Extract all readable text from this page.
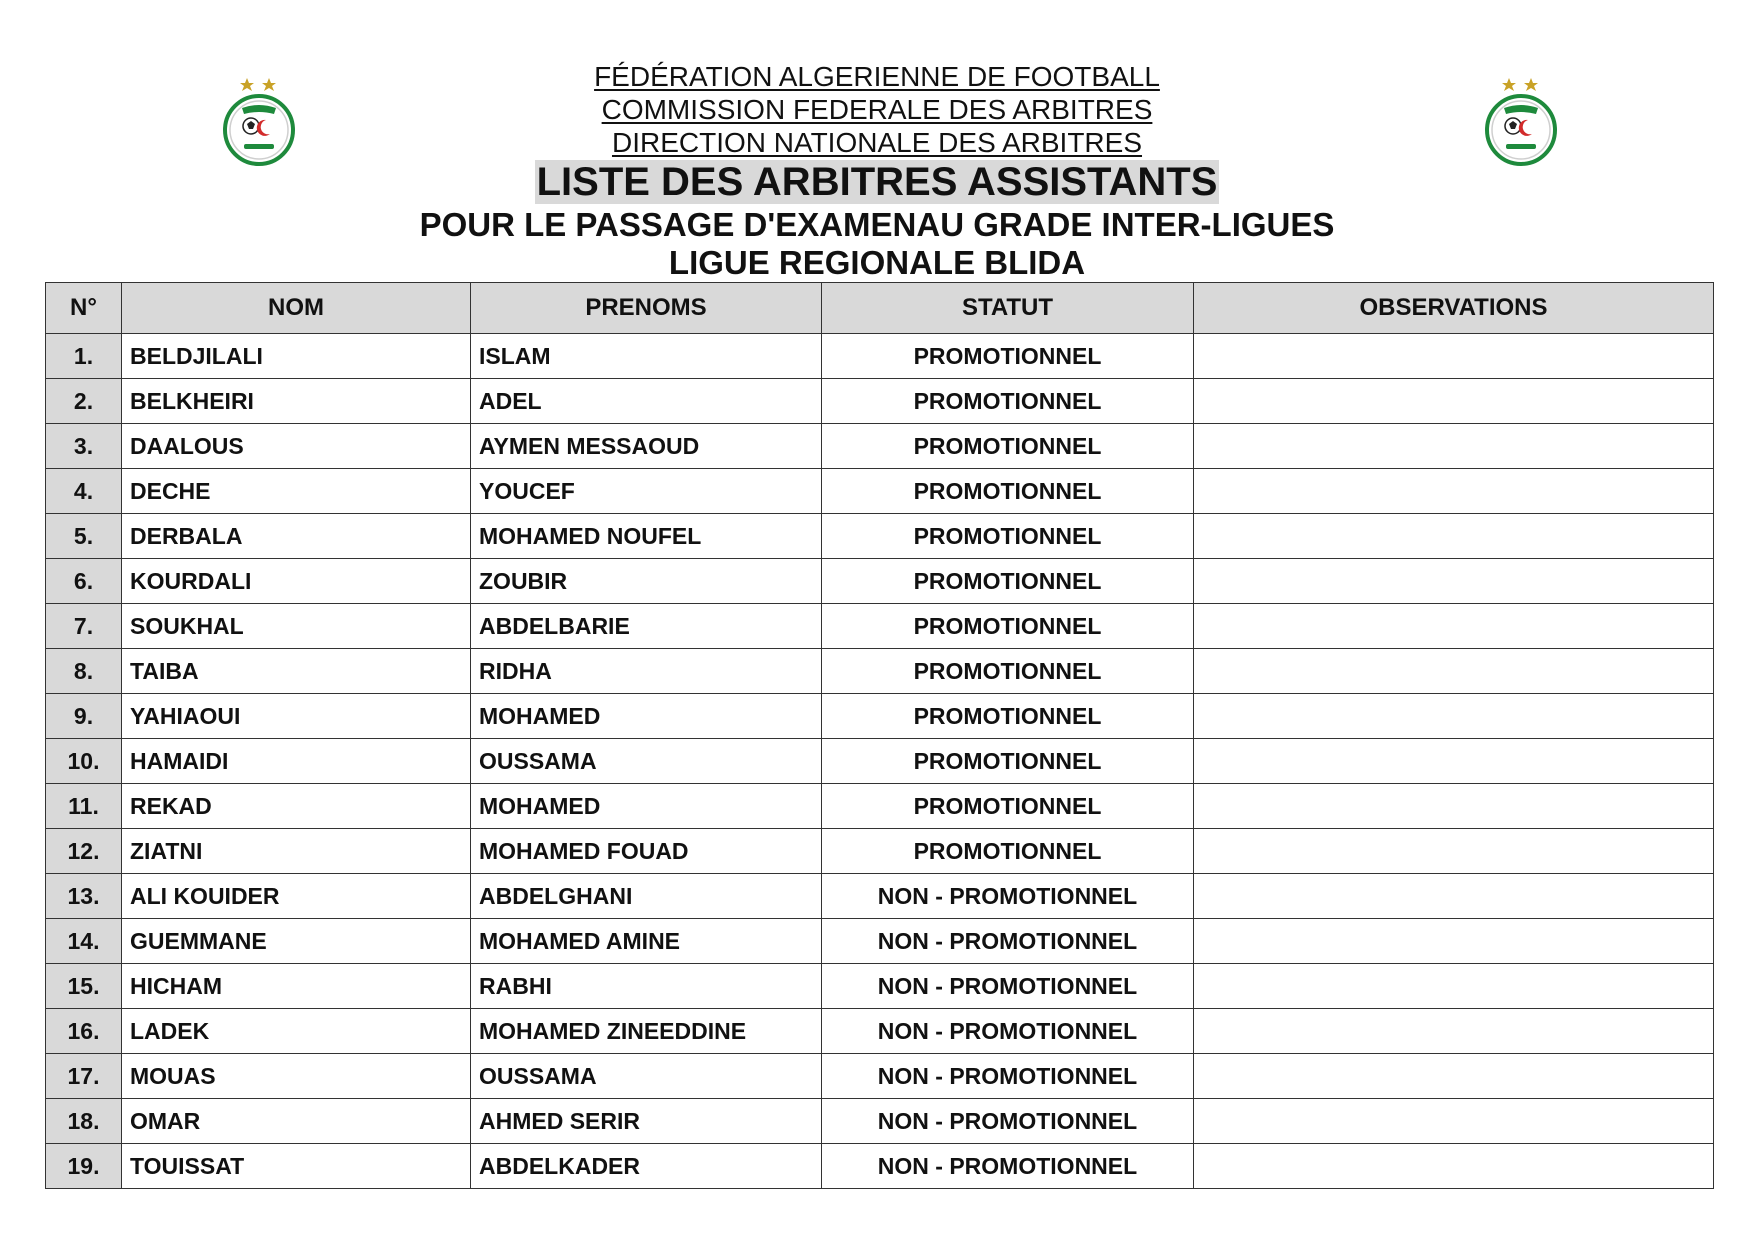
FÉDÉRATION ALGERIENNE DE FOOTBALL
COMMISSION FEDERALE DES ARBITRES
DIRECTION NATIONALE DES ARBITRES
LISTE DES ARBITRES ASSISTANTS
POUR LE PASSAGE D'EXAMENAU GRADE INTER-LIGUES
LIGUE REGIONALE BLIDA
N°	NOM	PRENOMS	STATUT	OBSERVATIONS
1.	BELDJILALI	ISLAM	PROMOTIONNEL	
2.	BELKHEIRI	ADEL	PROMOTIONNEL	
3.	DAALOUS	AYMEN MESSAOUD	PROMOTIONNEL	
4.	DECHE	YOUCEF	PROMOTIONNEL	
5.	DERBALA	MOHAMED NOUFEL	PROMOTIONNEL	
6.	KOURDALI	ZOUBIR	PROMOTIONNEL	
7.	SOUKHAL	ABDELBARIE	PROMOTIONNEL	
8.	TAIBA	RIDHA	PROMOTIONNEL	
9.	YAHIAOUI	MOHAMED	PROMOTIONNEL	
10.	HAMAIDI	OUSSAMA	PROMOTIONNEL	
11.	REKAD	MOHAMED	PROMOTIONNEL	
12.	ZIATNI	MOHAMED FOUAD	PROMOTIONNEL	
13.	ALI KOUIDER	ABDELGHANI	NON - PROMOTIONNEL	
14.	GUEMMANE	MOHAMED AMINE	NON - PROMOTIONNEL	
15.	HICHAM	RABHI	NON - PROMOTIONNEL	
16.	LADEK	MOHAMED ZINEEDDINE	NON - PROMOTIONNEL	
17.	MOUAS	OUSSAMA	NON - PROMOTIONNEL	
18.	OMAR	AHMED SERIR	NON - PROMOTIONNEL	
19.	TOUISSAT	ABDELKADER	NON - PROMOTIONNEL	
